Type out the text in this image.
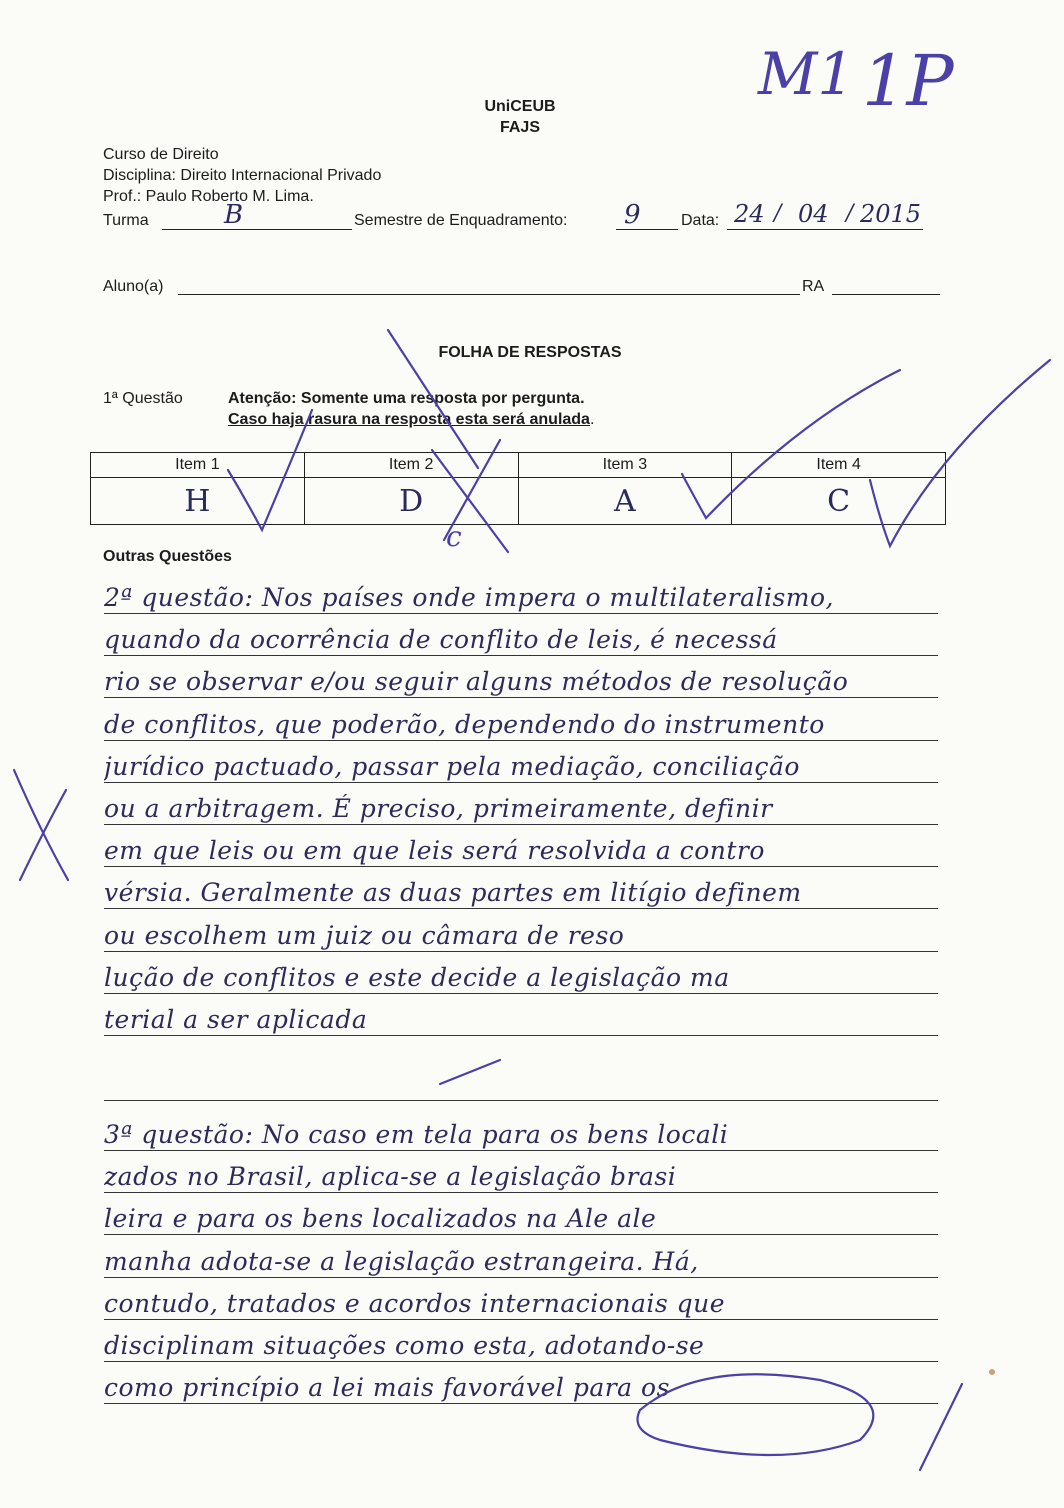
UniCEUB
FAJS
Curso de Direito
Disciplina: Direito Internacional Privado
Prof.: Paulo Roberto M. Lima.
Turma	B	Semestre de Enquadramento: 9	Data: 24 / 04 / 2015
Aluno(a)	RA
M1 1P
FOLHA DE RESPOSTAS
1ª Questão	Atenção: Somente uma resposta por pergunta.
Caso haja rasura na resposta esta será anulada.
Item 1	Item 2	Item 3	Item 4
H	D	A	C
c
Outras Questões
2ª questão: Nos países onde impera o multilateralismo,
quando da ocorrência de conflito de leis, é necessá
rio se observar e/ou seguir alguns métodos de resolução
de conflitos, que poderão, dependendo do instrumento
jurídico pactuado, passar pela mediação, conciliação
ou a arbitragem. É preciso, primeiramente, definir
em que leis ou em que leis será resolvida a contro
vérsia. Geralmente as duas partes em litígio definem
ou escolhem um juiz ou câmara de reso
lução de conflitos e este decide a legislação ma
terial a ser aplicada
3ª questão: No caso em tela para os bens locali
zados no Brasil, aplica-se a legislação brasi
leira e para os bens localizados na Ale ale
manha adota-se a legislação estrangeira. Há,
contudo, tratados e acordos internacionais que
disciplinam situações como esta, adotando-se
como princípio a lei mais favorável para os
